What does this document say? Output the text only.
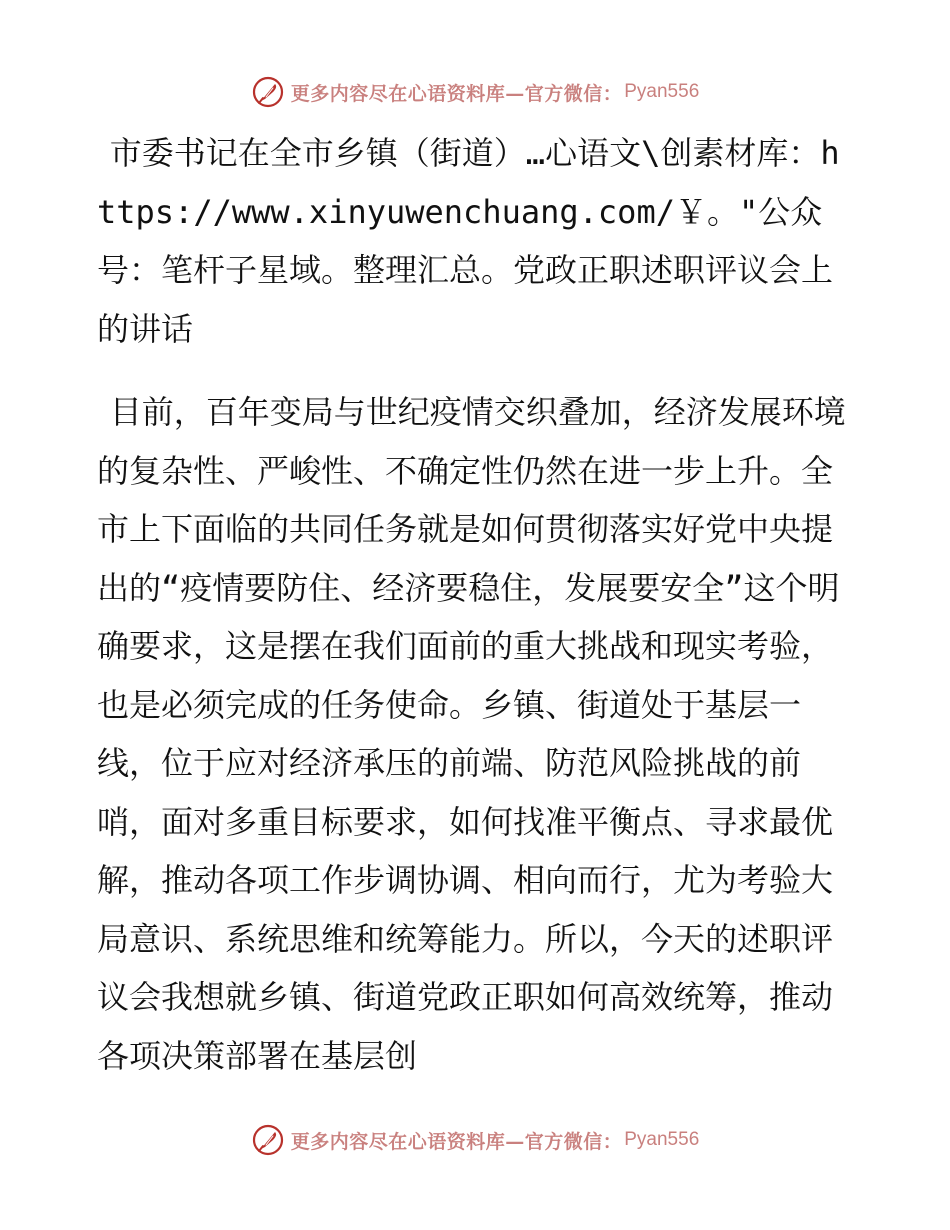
更多内容尽在心语资料库—官方微信： Pyan556

市委书记在全市乡镇（街道）…心语文\创素材库：https://www.xinyuwenchuang.com/￥。"公众号：笔杆子星域。整理汇总。党政正职述职评议会上的讲话

目前，百年变局与世纪疫情交织叠加，经济发展环境的复杂性、严峻性、不确定性仍然在进一步上升。全市上下面临的共同任务就是如何贯彻落实好党中央提出的“疫情要防住、经济要稳住，发展要安全”这个明确要求，这是摆在我们面前的重大挑战和现实考验，也是必须完成的任务使命。乡镇、街道处于基层一线，位于应对经济承压的前端、防范风险挑战的前哨，面对多重目标要求，如何找准平衡点、寻求最优解，推动各项工作步调协调、相向而行，尤为考验大局意识、系统思维和统筹能力。所以，今天的述职评议会我想就乡镇、街道党政正职如何高效统筹，推动各项决策部署在基层创

更多内容尽在心语资料库—官方微信： Pyan556
